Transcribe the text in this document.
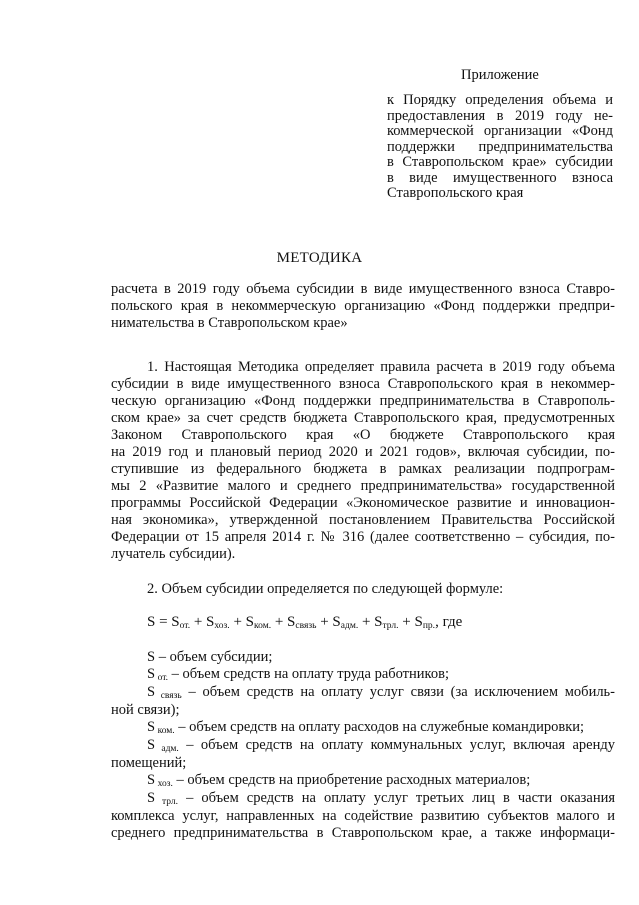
Приложение
к Порядку определения объема и
предоставления в 2019 году не-
коммерческой организации «Фонд
поддержки предпринимательства
в Ставропольском крае» субсидии
в виде имущественного взноса
Ставропольского края
МЕТОДИКА
расчета в 2019 году объема субсидии в виде имущественного взноса Ставро-
польского края в некоммерческую организацию «Фонд поддержки предпри-
нимательства в Ставропольском крае»
1. Настоящая Методика определяет правила расчета в 2019 году объема
субсидии в виде имущественного взноса Ставропольского края в некоммер-
ческую организацию «Фонд поддержки предпринимательства в Ставрополь-
ском крае» за счет средств бюджета Ставропольского края, предусмотренных
Законом Ставропольского края «О бюджете Ставропольского края
на 2019 год и плановый период 2020 и 2021 годов», включая субсидии, по-
ступившие из федерального бюджета в рамках реализации подпрограм-
мы 2 «Развитие малого и среднего предпринимательства» государственной
программы Российской Федерации «Экономическое развитие и инновацион-
ная экономика», утвержденной постановлением Правительства Российской
Федерации от 15 апреля 2014 г. № 316 (далее соответственно – субсидия, по-
лучатель субсидии).
2. Объем субсидии определяется по следующей формуле:
$S = S_{от.} + S_{хоз.} + S_{ком.} + S_{связь} + S_{адм.} + S_{трл.} + S_{пр.}$, где
S – объем субсидии;
S $_{от.}$ – объем средств на оплату труда работников;
S $_{связь}$ – объем средств на оплату услуг связи (за исключением мобиль-
ной связи);
S $_{ком.}$ – объем средств на оплату расходов на служебные командировки;
S $_{адм.}$ – объем средств на оплату коммунальных услуг, включая аренду
помещений;
S $_{хоз.}$ – объем средств на приобретение расходных материалов;
S $_{трл.}$ – объем средств на оплату услуг третьих лиц в части оказания
комплекса услуг, направленных на содействие развитию субъектов малого и
среднего предпринимательства в Ставропольском крае, а также информаци-
